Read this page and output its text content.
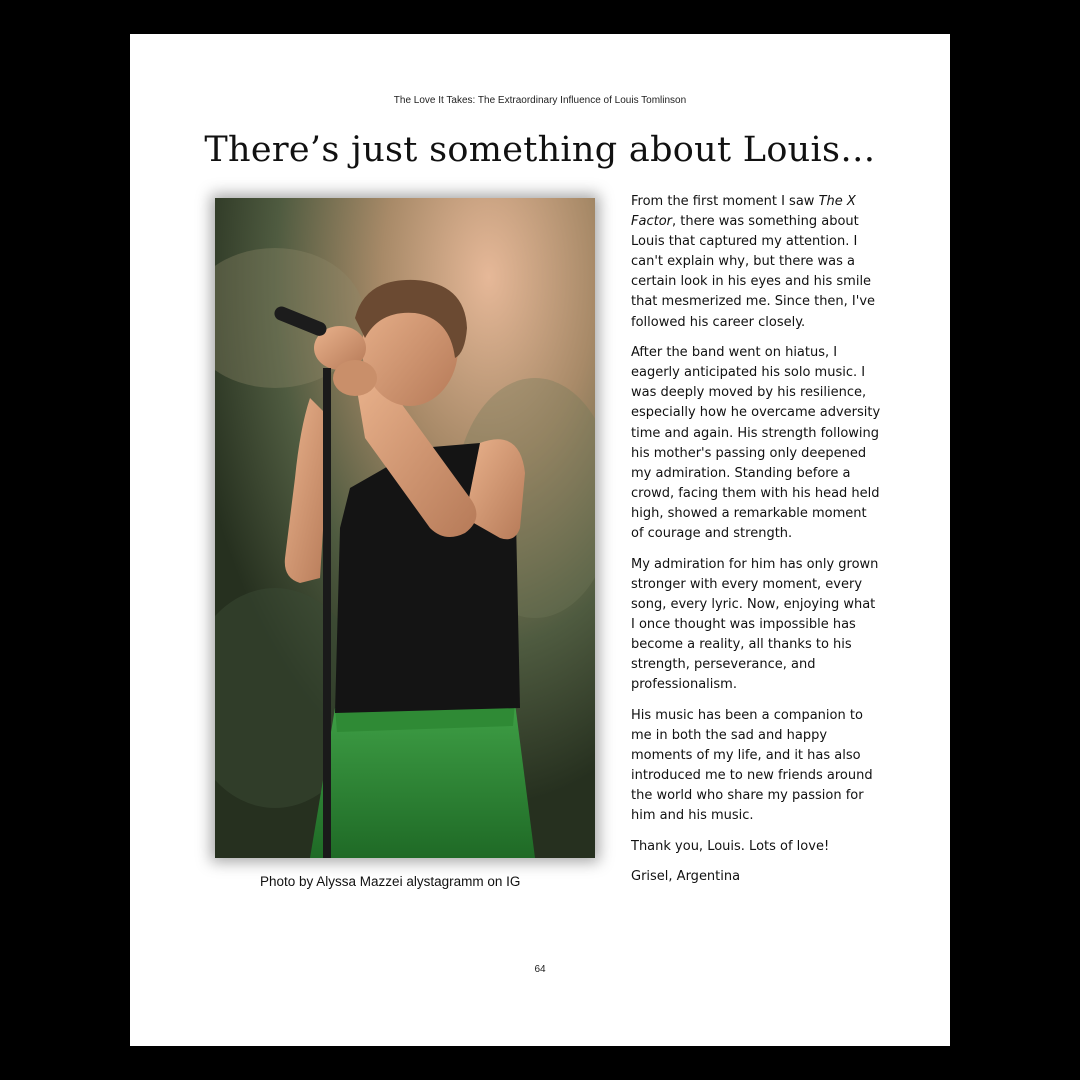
The Love It Takes: The Extraordinary Influence of Louis Tomlinson
There’s just something about Louis…
Photo by Alyssa Mazzei alystagramm on IG

From the first moment I saw The X Factor, there was something about Louis that captured my attention. I can't explain why, but there was a certain look in his eyes and his smile that mesmerized me. Since then, I've followed his career closely.

After the band went on hiatus, I eagerly anticipated his solo music. I was deeply moved by his resilience, especially how he overcame adversity time and again. His strength following his mother's passing only deepened my admiration. Standing before a crowd, facing them with his head held high, showed a remarkable moment of courage and strength.

My admiration for him has only grown stronger with every moment, every song, every lyric. Now, enjoying what I once thought was impossible has become a reality, all thanks to his strength, perseverance, and professionalism.

His music has been a companion to me in both the sad and happy moments of my life, and it has also introduced me to new friends around the world who share my passion for him and his music.

Thank you, Louis. Lots of love!

Grisel, Argentina

64
